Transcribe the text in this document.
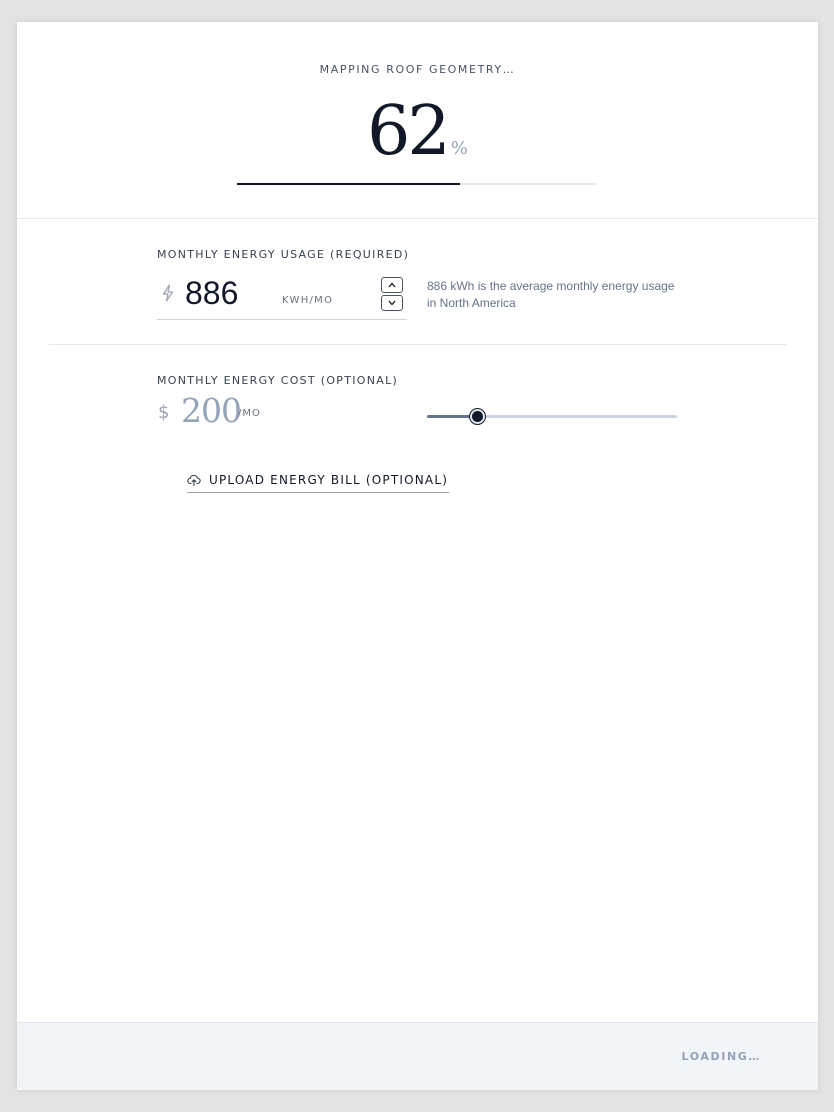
MAPPING ROOF GEOMETRY…
62 %
MONTHLY ENERGY USAGE (REQUIRED)
886	KWH/MO
886 kWh is the average monthly energy usage in North America
MONTHLY ENERGY COST (OPTIONAL)
$ 200
/MO
UPLOAD ENERGY BILL (OPTIONAL)
LOADING…
